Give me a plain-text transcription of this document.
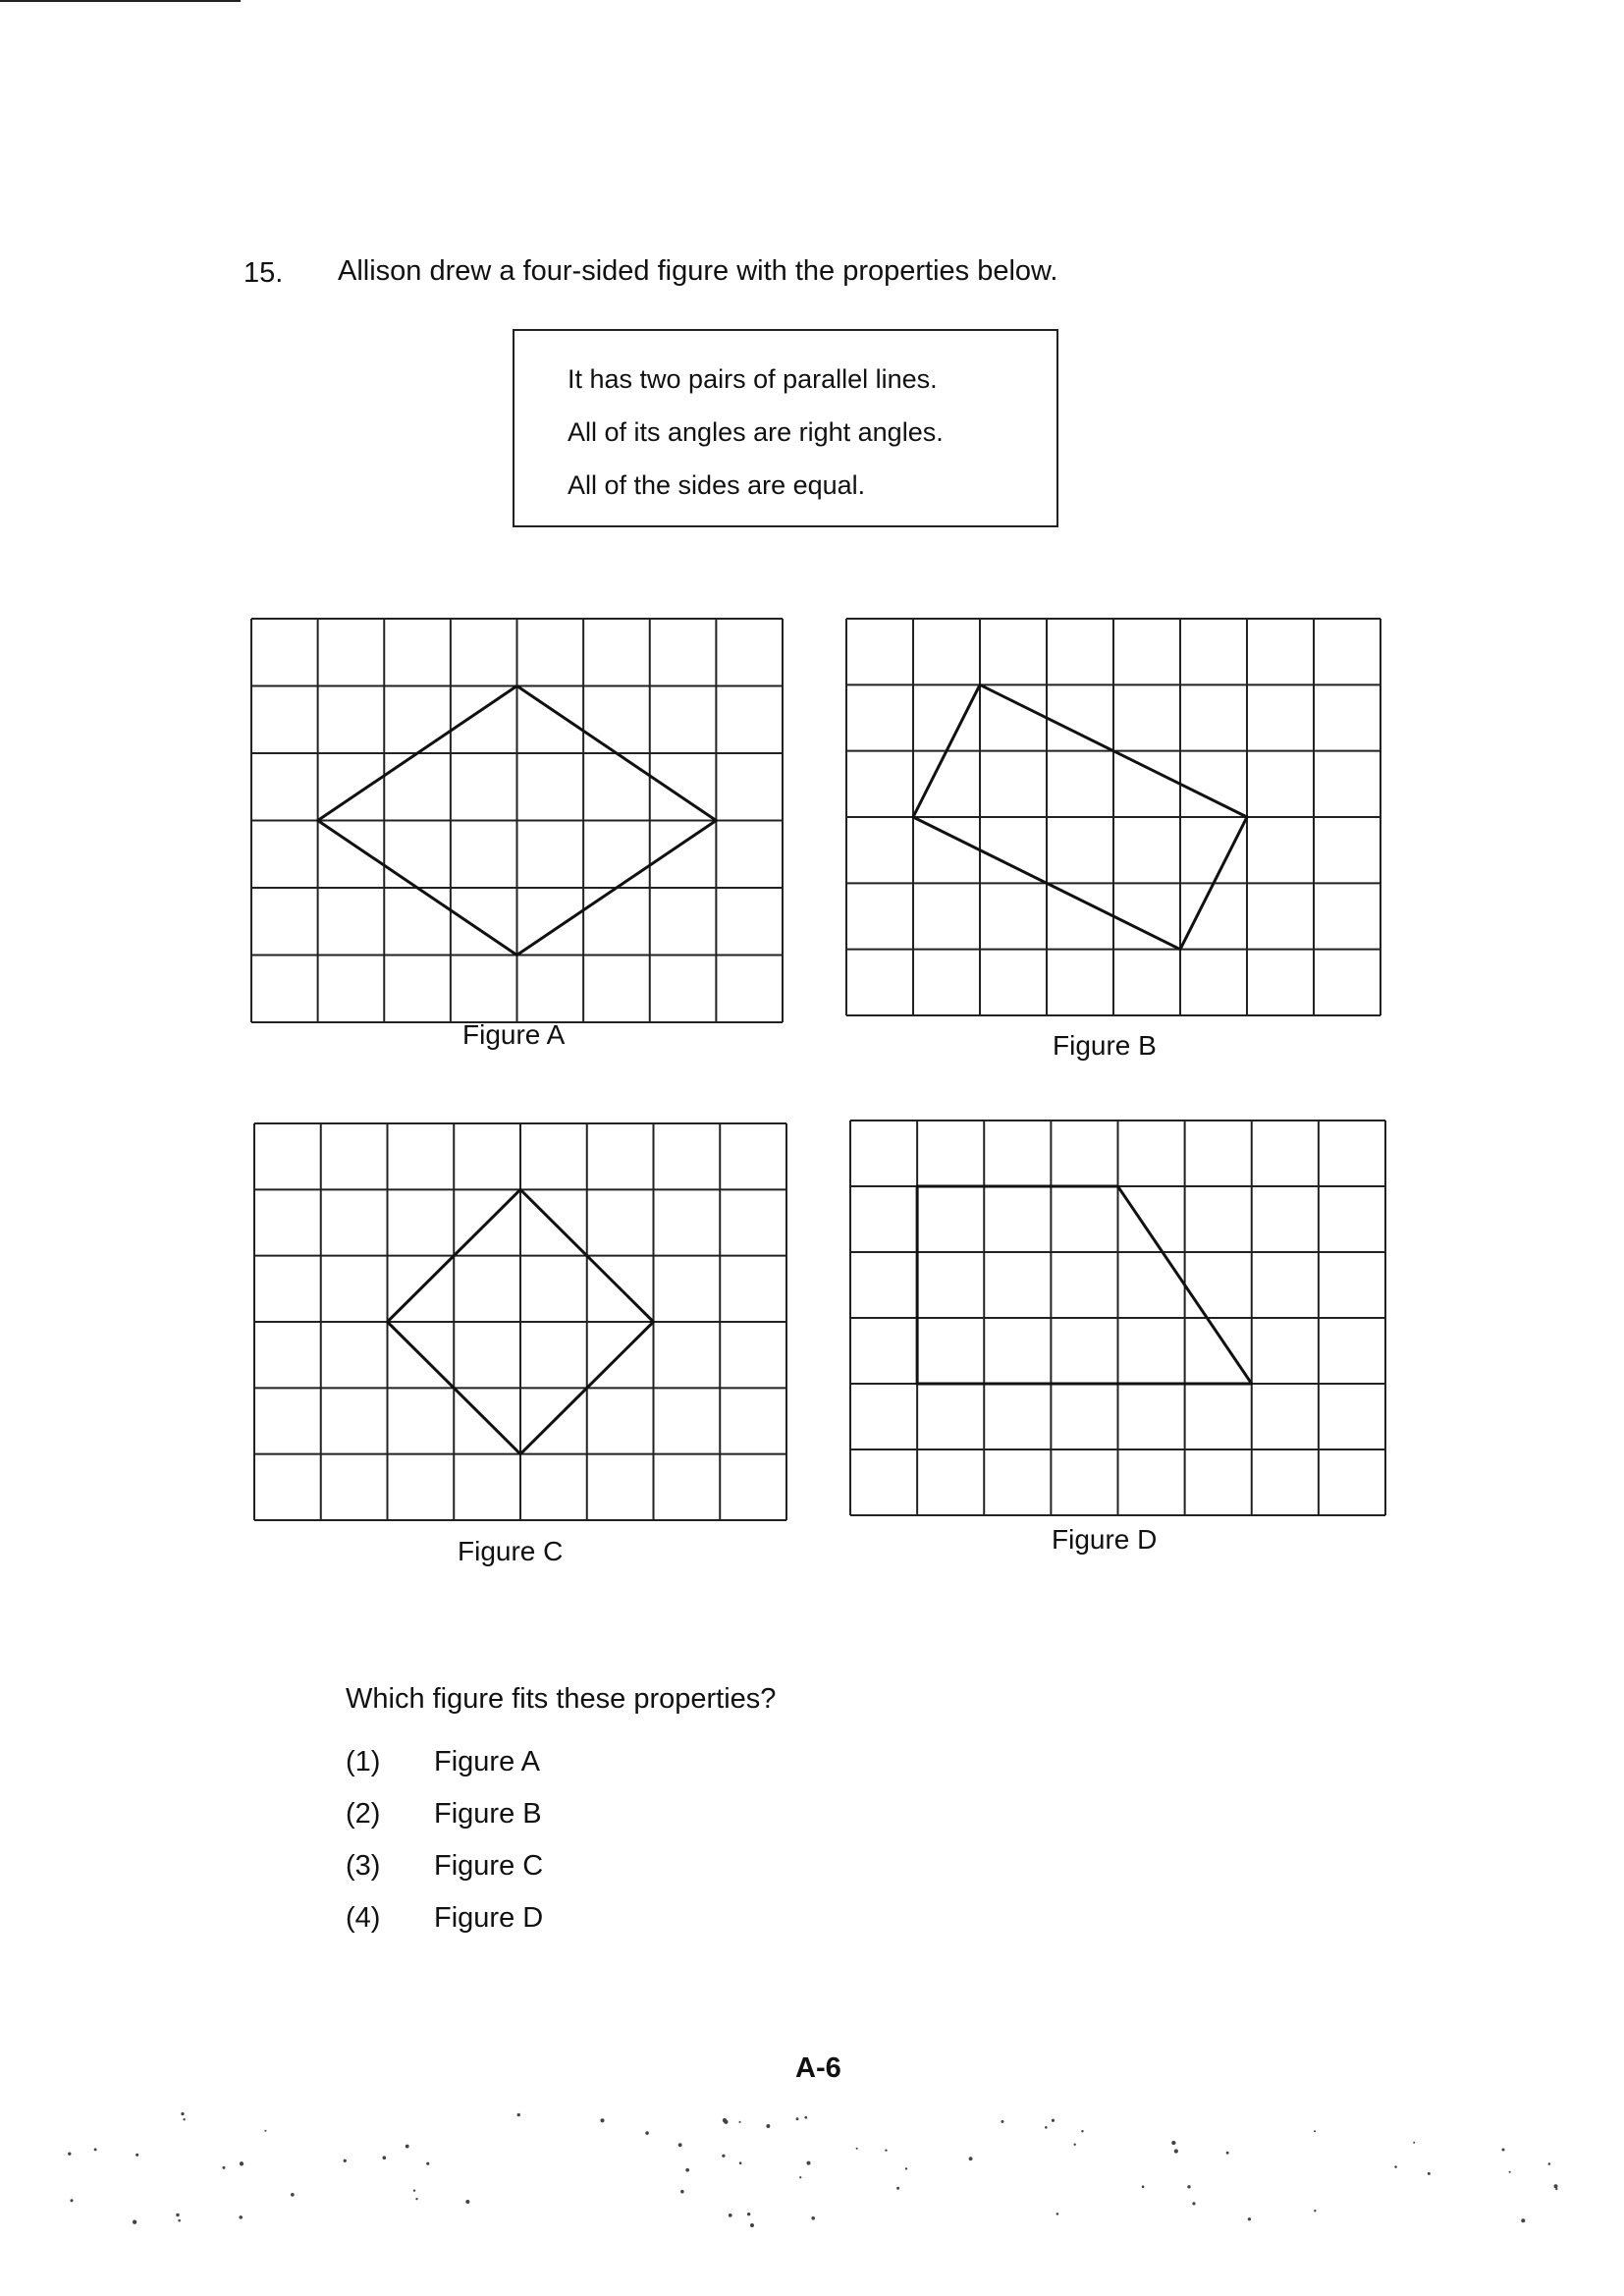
15. Allison drew a four-sided figure with the properties below.
It has two pairs of parallel lines.
All of its angles are right angles.
All of the sides are equal.
Figure A	Figure B
Figure C	Figure D
Which figure fits these properties?
(1)	Figure A
(2)	Figure B
(3)	Figure C
(4)	Figure D
A-6
